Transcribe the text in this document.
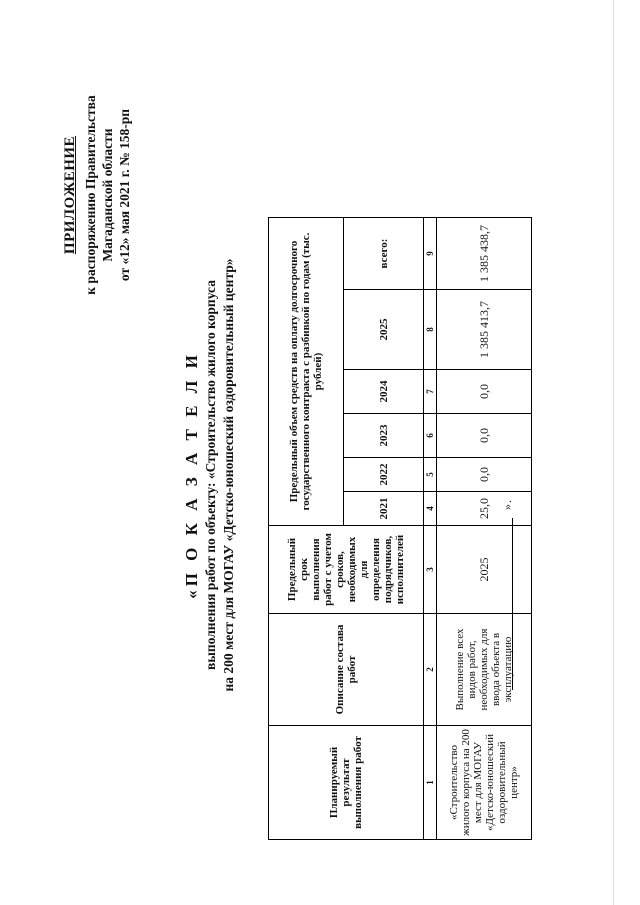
ПРИЛОЖЕНИЕ к распоряжению Правительства Магаданской области от «12» мая 2021 г. № 158-рп
«П О К А З А Т Е Л И выполнения работ по объекту: «Строительство жилого корпуса на 200 мест для МОГАУ «Детско-юношеский оздоровительный центр»
Планируемый результат выполнения работ	Описание состава работ	Предельный срок выполнения работ с учетом сроков, необходимых для определения подрядчиков, исполнителей	Предельный объем средств на оплату долгосрочного государственного контракта с разбивкой по годам (тыс. рублей)					
			2021	2022	2023	2024	2025	всего:
1	2	3	4	5	6	7	8	9
«Строительство жилого корпуса на 200 мест для МОГАУ «Детско-юношеский оздоровительный центр»	Выполнение всех видов работ, необходимых для ввода объекта в эксплуатацию	2025	25,0	0,0	0,0	0,0	1 385 413,7	1 385 438,7
».
